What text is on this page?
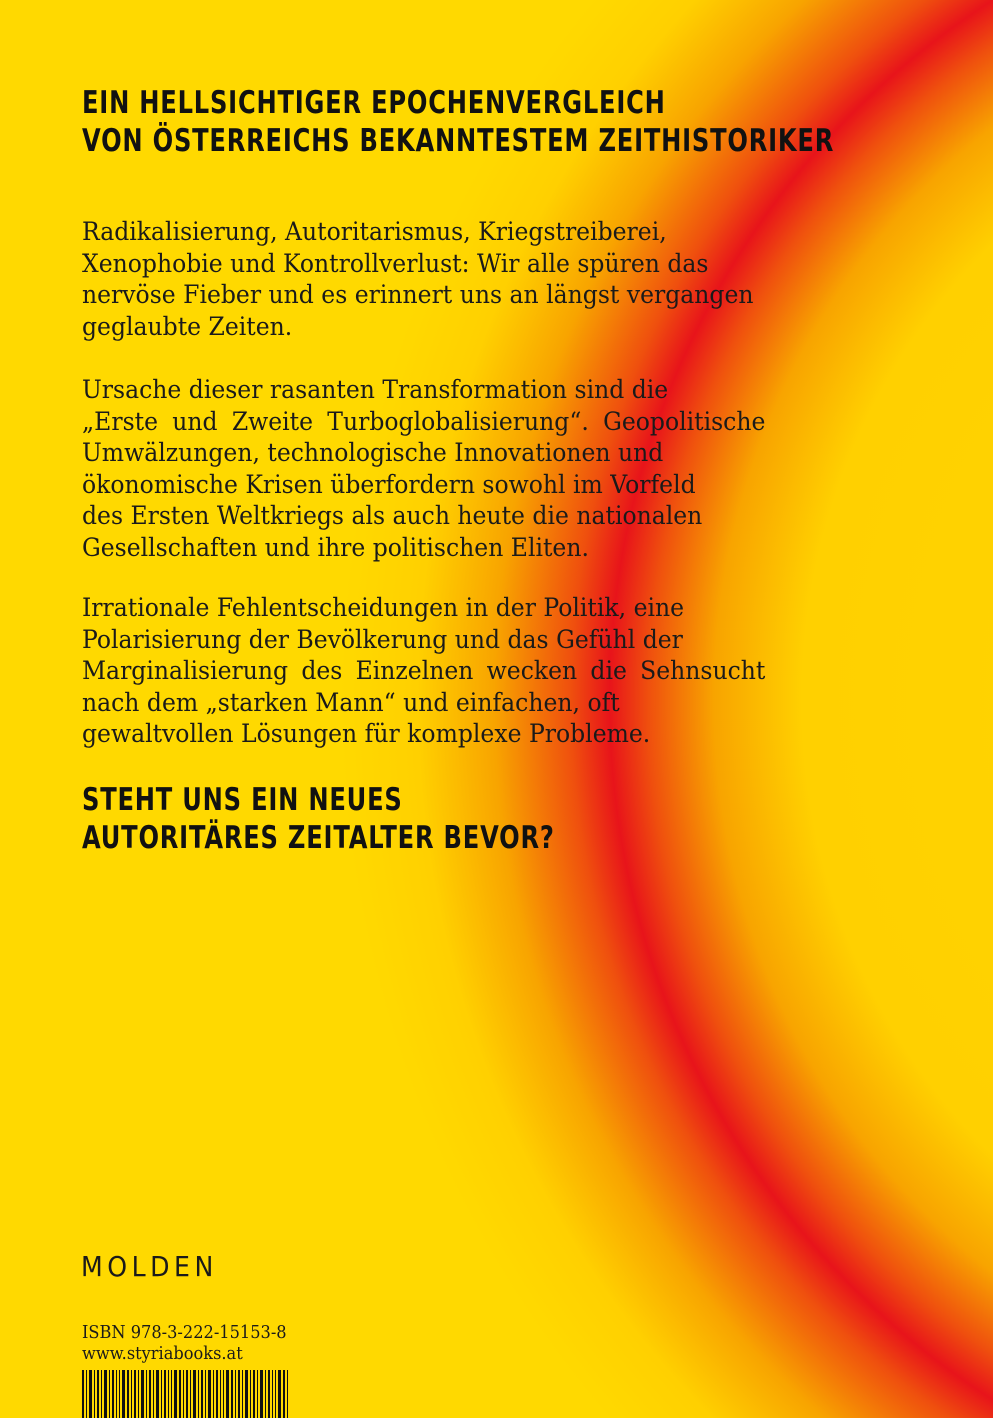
EIN HELLSICHTIGER EPOCHENVERGLEICH
VON ÖSTERREICHS BEKANNTESTEM ZEITHISTORIKER

Radikalisierung, Autoritarismus, Kriegstreiberei,
Xenophobie und Kontrollverlust: Wir alle spüren das
nervöse Fieber und es erinnert uns an längst vergangen
geglaubte Zeiten.

Ursache dieser rasanten Transformation sind die
„Erste und Zweite Turboglobalisierung“. Geopolitische
Umwälzungen, technologische Innovationen und
ökonomische Krisen überfordern sowohl im Vorfeld
des Ersten Weltkriegs als auch heute die nationalen
Gesellschaften und ihre politischen Eliten.

Irrationale Fehlentscheidungen in der Politik, eine
Polarisierung der Bevölkerung und das Gefühl der
Marginalisierung des Einzelnen wecken die Sehnsucht
nach dem „starken Mann“ und einfachen, oft
gewaltvollen Lösungen für komplexe Probleme.

STEHT UNS EIN NEUES
AUTORITÄRES ZEITALTER BEVOR?
MOLDEN
ISBN 978-3-222-15153-8
www.styriabooks.at
